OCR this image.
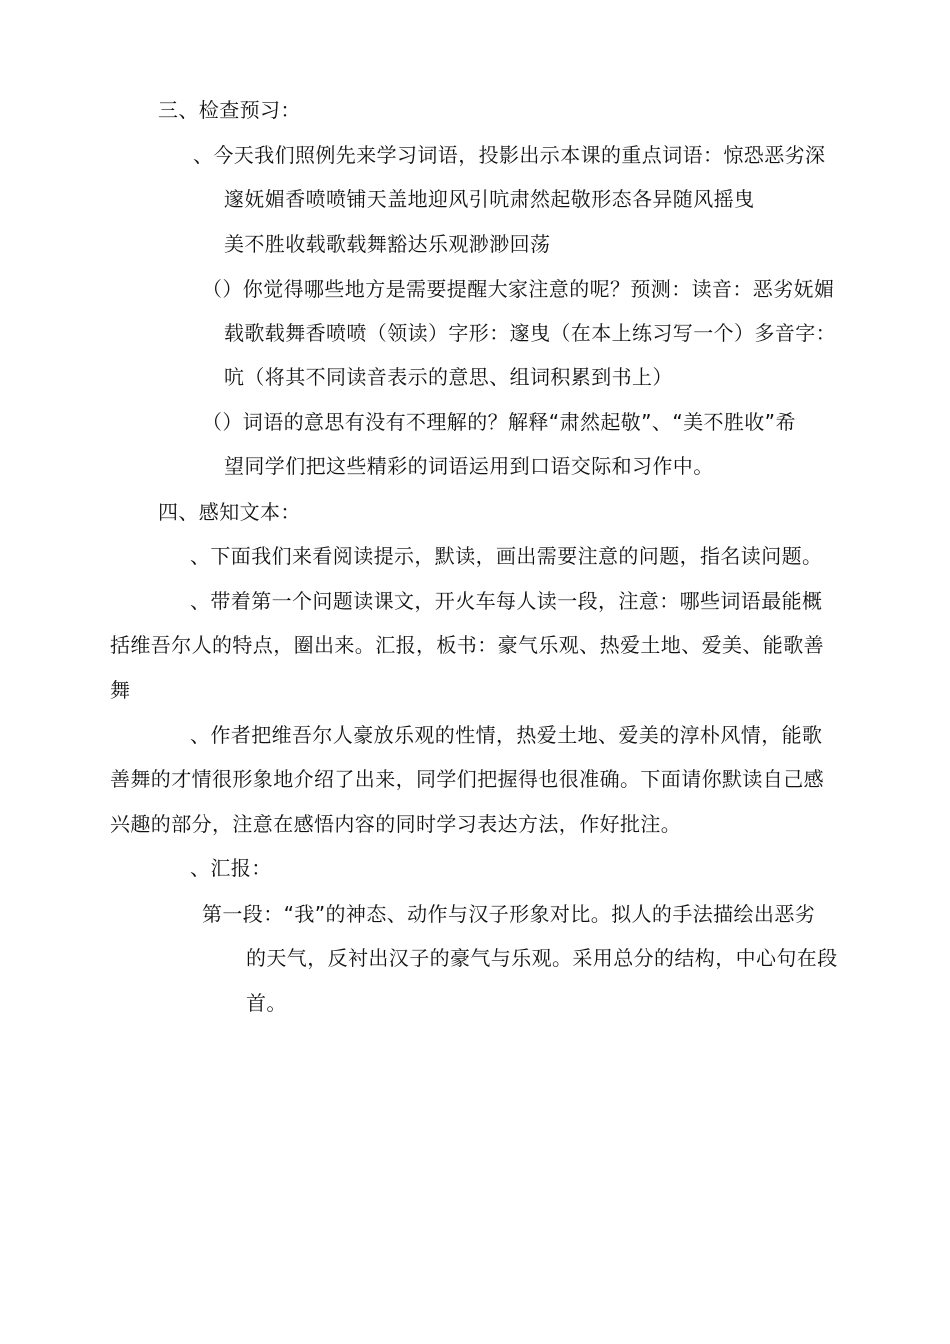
三、检查预习：
、今天我们照例先来学习词语，投影出示本课的重点词语：惊恐恶劣深
邃妩媚香喷喷铺天盖地迎风引吭肃然起敬形态各异随风摇曳
美不胜收载歌载舞豁达乐观渺渺回荡
（）你觉得哪些地方是需要提醒大家注意的呢？预测：读音：恶劣妩媚
载歌载舞香喷喷（领读）字形：邃曳（在本上练习写一个）多音字：
吭（将其不同读音表示的意思、组词积累到书上）
（）词语的意思有没有不理解的？解释“肃然起敬”、“美不胜收”希
望同学们把这些精彩的词语运用到口语交际和习作中。
四、感知文本：
、下面我们来看阅读提示，默读，画出需要注意的问题，指名读问题。
、带着第一个问题读课文，开火车每人读一段，注意：哪些词语最能概
括维吾尔人的特点，圈出来。汇报，板书：豪气乐观、热爱土地、爱美、能歌善
舞
、作者把维吾尔人豪放乐观的性情，热爱土地、爱美的淳朴风情，能歌
善舞的才情很形象地介绍了出来，同学们把握得也很准确。下面请你默读自己感
兴趣的部分，注意在感悟内容的同时学习表达方法，作好批注。
、汇报：
第一段：“我”的神态、动作与汉子形象对比。拟人的手法描绘出恶劣
的天气，反衬出汉子的豪气与乐观。采用总分的结构，中心句在段
首。
